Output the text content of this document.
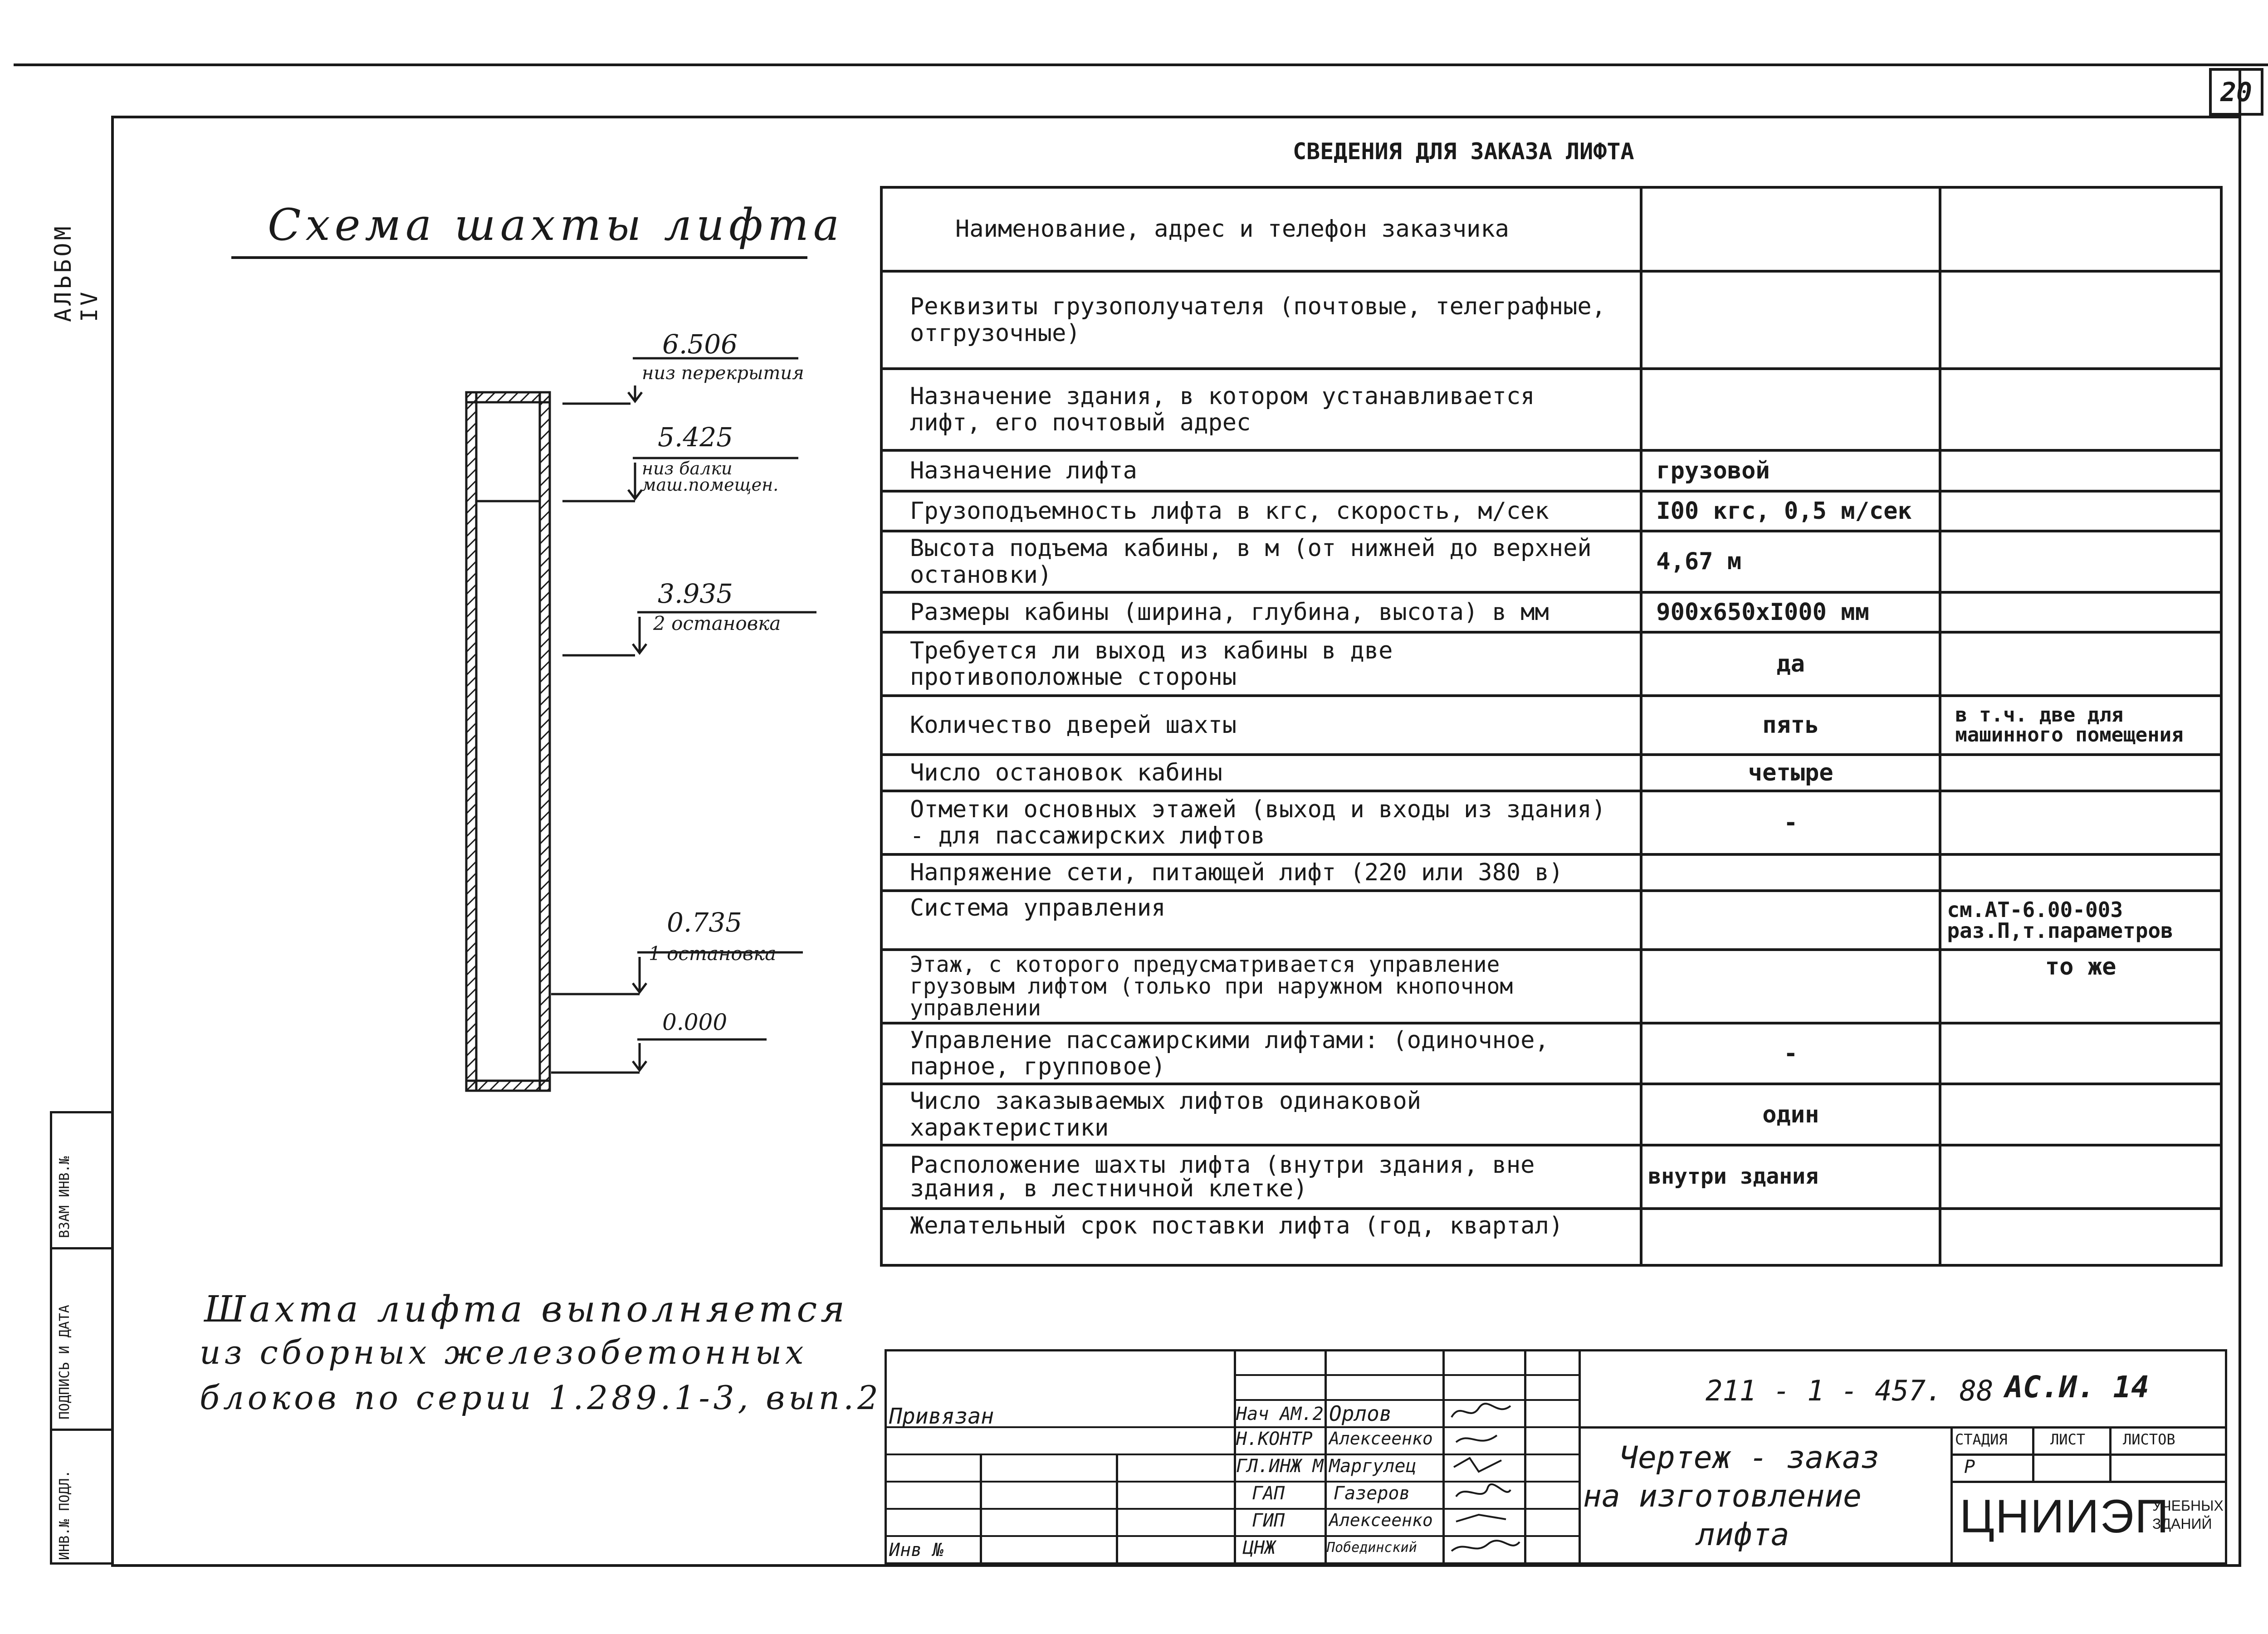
20
АЛЬБОМ IV
ВЗАМ ИНВ.№
ПОДПИСЬ И ДАТА
ИНВ.№ ПОДЛ.
Схема шахты лифта
6.506
низ перекрытия
5.425
низ балки маш.помещен.
3.935
2 остановка
0.735
1 остановка
0.000
Шахта лифта выполняется
из сборных железобетонных
блоков по серии 1.289.1-3, вып.2
СВЕДЕНИЯ ДЛЯ ЗАКАЗА ЛИФТА
Наименование, адрес и телефон заказчика		
Реквизиты грузополучателя (почтовые, телеграфные, отгрузочные)		
Назначение здания, в котором устанавливается лифт, его почтовый адрес		
Назначение лифта	грузовой	
Грузоподъемность лифта в кгс, скорость, м/сек	I00 кгс, 0,5 м/сек	
Высота подъема кабины, в м (от нижней до верхней остановки)	4,67 м	
Размеры кабины (ширина, глубина, высота) в мм	900x650xI000 мм	
Требуется ли выход из кабины в две противоположные стороны	да	
Количество дверей шахты	пять	в т.ч. две для машинного помещения
Число остановок кабины	четыре	
Отметки основных этажей (выход и входы из здания) - для пассажирских лифтов	-	
Напряжение сети, питающей лифт (220 или 380 в)		
Система управления		см.АТ-6.00-003 раз.П,т.параметров
Этаж, с которого предусматривается управление грузовым лифтом (только при наружном кнопочном управлении		то же
Управление пассажирскими лифтами: (одиночное, парное, групповое)	-	
Число заказываемых лифтов одинаковой характеристики	один	
Расположение шахты лифта (внутри здания, вне здания, в лестничной клетке)	внутри здания	
Желательный срок поставки лифта (год, квартал)		
Привязан
Инв №
Нач АМ.2 Орлов
Н.КОНТР Алексеенко
ГЛ.ИНЖ М Маргулец
ГАП	Газеров
ГИП	Алексеенко
ЦНЖ	Побединский
211 - 1 - 457. 88 АС.И. 14
Чертеж - заказ
на изготовление
лифта
СТАДИЯ	ЛИСТ	ЛИСТОВ
Р
ЦНИИЭП
УЧЕБНЫХ ЗДАНИЙ
